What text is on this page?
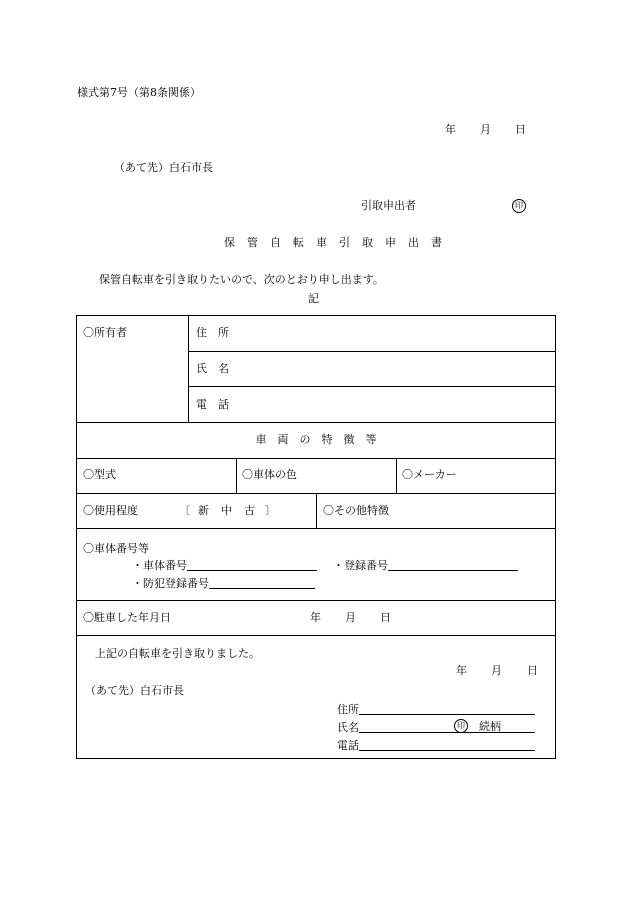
様式第7号（第8条関係）
年 月 日
（あて先）白石市長
引取申出者	印
保管自転車引取申出書
保管自転車を引き取りたいので、次のとおり申し出ます。
記
〇所有者	住　所
氏　名
電　話
車　両　の　特　徴　等
〇型式	〇車体の色	〇メーカー
〇使用程度	〔 新 中 古 〕	〇その他特徴
〇車体番号等
・車体番号	・登録番号
・防犯登録番号
〇駐車した年月日	年 月 日
上記の自転車を引き取りました。
年 月 日
（あて先）白石市長
住所
氏名	印 続柄
電話
